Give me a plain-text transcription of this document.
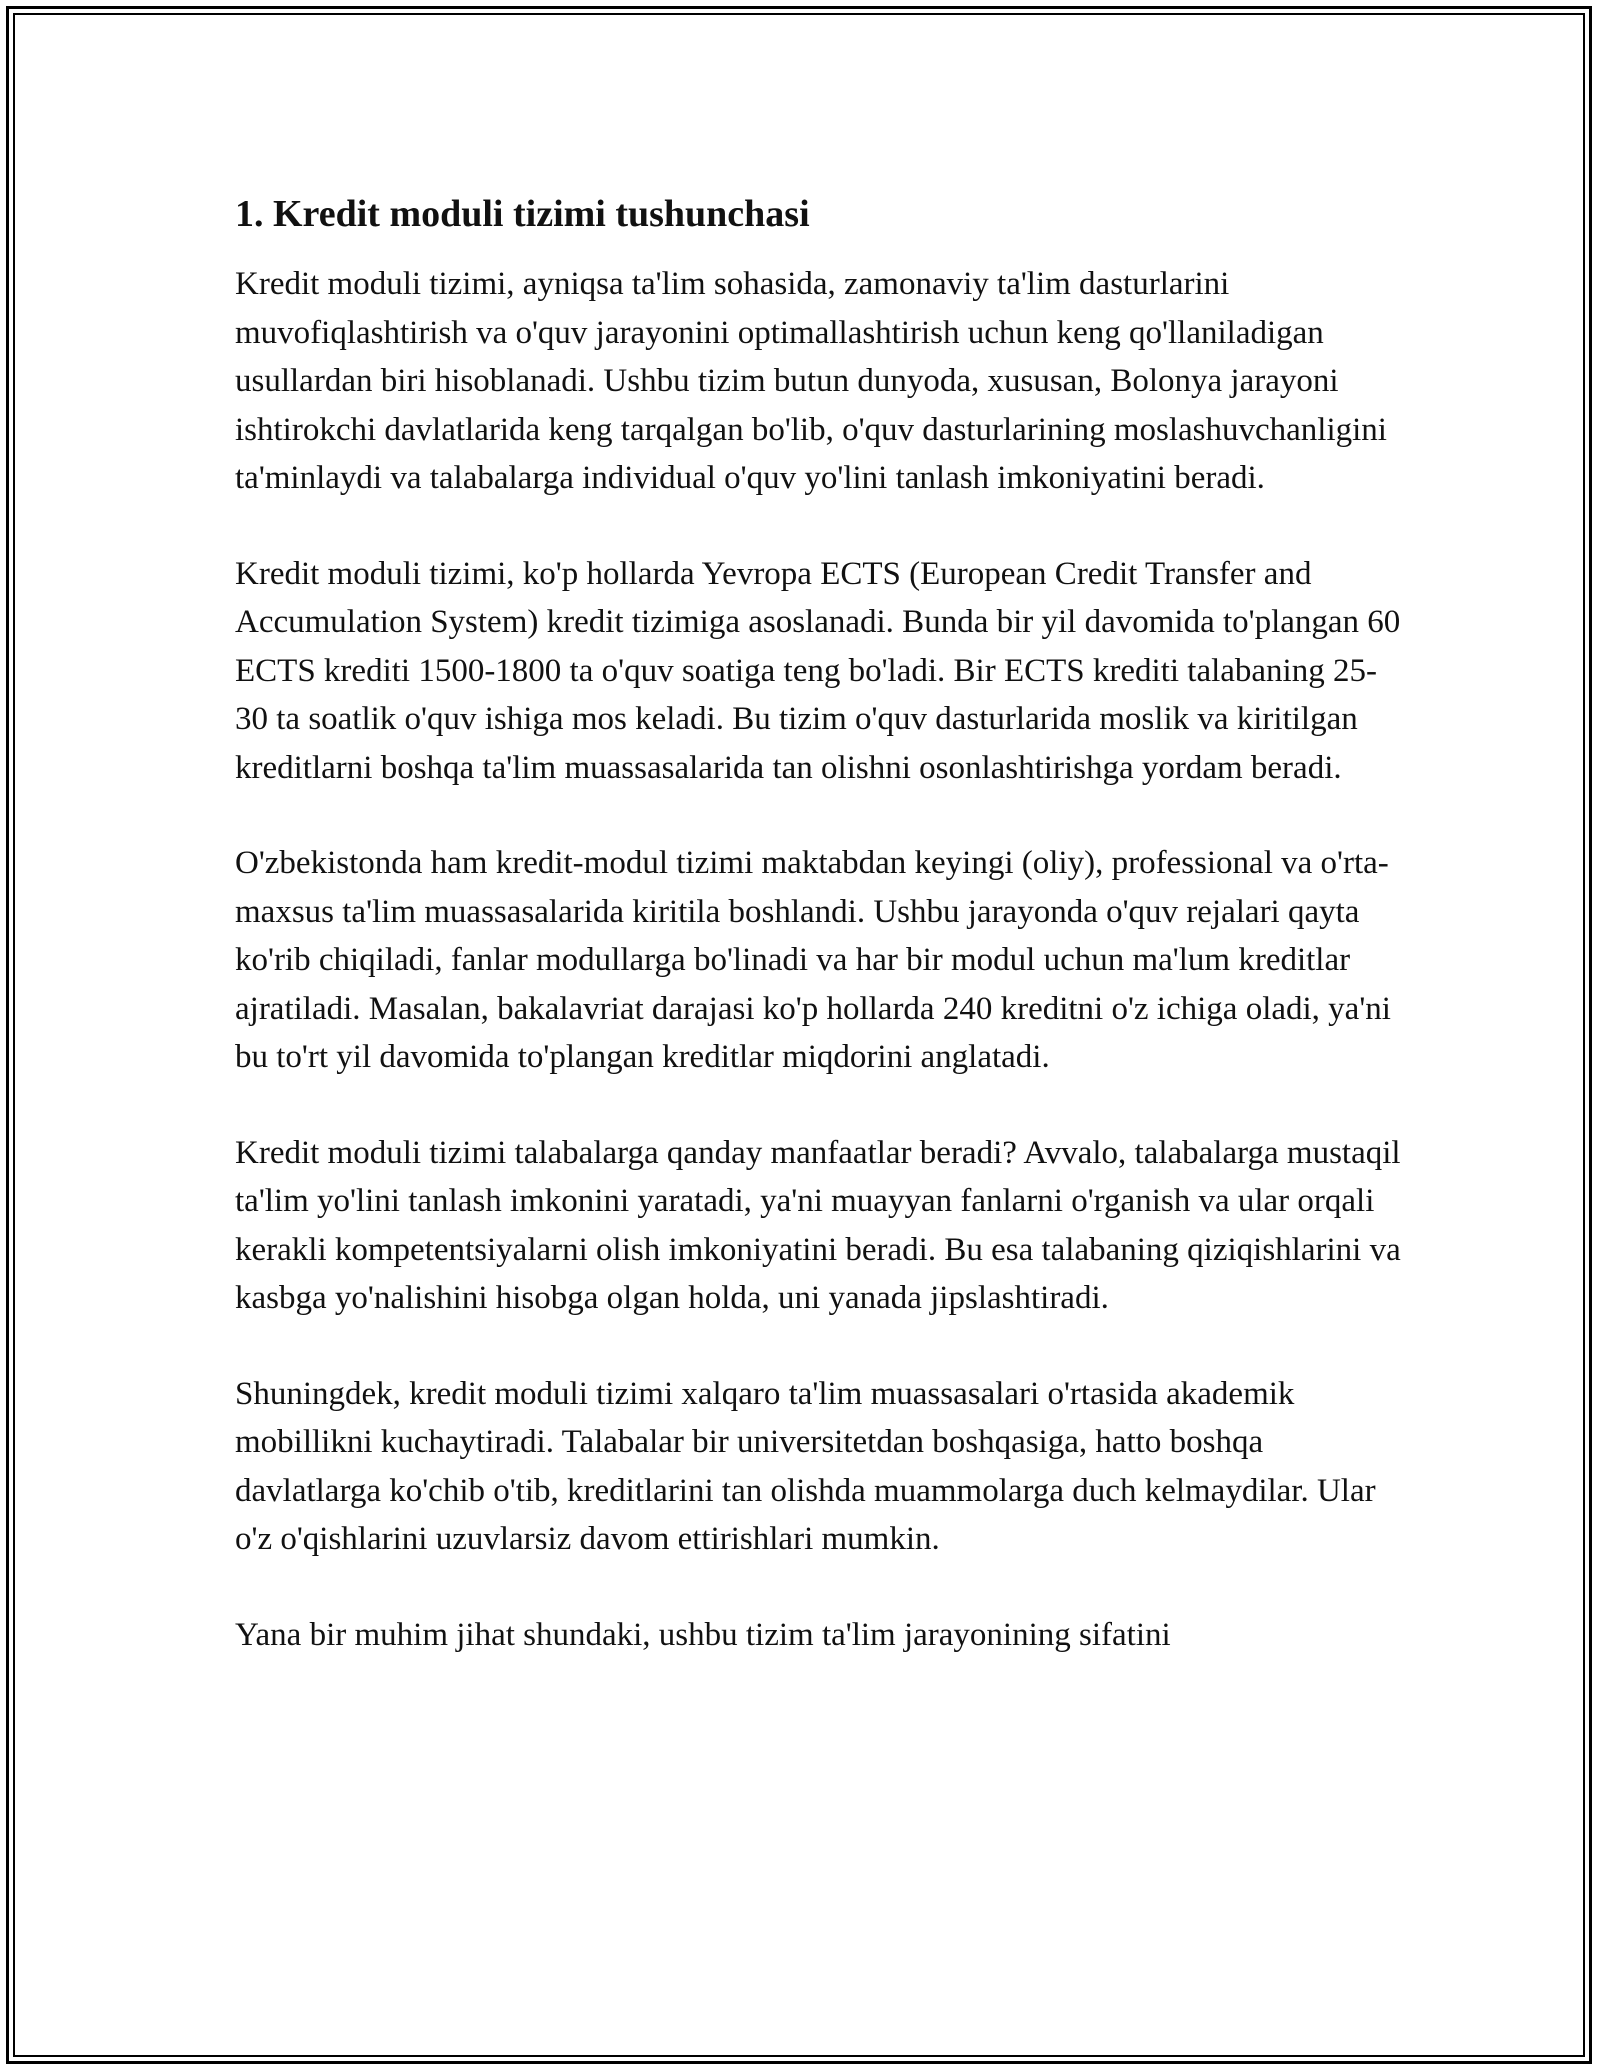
1. Kredit moduli tizimi tushunchasi

Kredit moduli tizimi, ayniqsa ta'lim sohasida, zamonaviy ta'lim dasturlarini muvofiqlashtirish va o'quv jarayonini optimallashtirish uchun keng qo'llaniladigan usullardan biri hisoblanadi. Ushbu tizim butun dunyoda, xususan, Bolonya jarayoni ishtirokchi davlatlarida keng tarqalgan bo'lib, o'quv dasturlarining moslashuvchanligini ta'minlaydi va talabalarga individual o'quv yo'lini tanlash imkoniyatini beradi.

Kredit moduli tizimi, ko'p hollarda Yevropa ECTS (European Credit Transfer and Accumulation System) kredit tizimiga asoslanadi. Bunda bir yil davomida to'plangan 60 ECTS krediti 1500-1800 ta o'quv soatiga teng bo'ladi. Bir ECTS krediti talabaning 25-30 ta soatlik o'quv ishiga mos keladi. Bu tizim o'quv dasturlarida moslik va kiritilgan kreditlarni boshqa ta'lim muassasalarida tan olishni osonlashtirishga yordam beradi.

O'zbekistonda ham kredit-modul tizimi maktabdan keyingi (oliy), professional va o'rta-maxsus ta'lim muassasalarida kiritila boshlandi. Ushbu jarayonda o'quv rejalari qayta ko'rib chiqiladi, fanlar modullarga bo'linadi va har bir modul uchun ma'lum kreditlar ajratiladi. Masalan, bakalavriat darajasi ko'p hollarda 240 kreditni o'z ichiga oladi, ya'ni bu to'rt yil davomida to'plangan kreditlar miqdorini anglatadi.

Kredit moduli tizimi talabalarga qanday manfaatlar beradi? Avvalo, talabalarga mustaqil ta'lim yo'lini tanlash imkonini yaratadi, ya'ni muayyan fanlarni o'rganish va ular orqali kerakli kompetentsiyalarni olish imkoniyatini beradi. Bu esa talabaning qiziqishlarini va kasbga yo'nalishini hisobga olgan holda, uni yanada jipslashtiradi.

Shuningdek, kredit moduli tizimi xalqaro ta'lim muassasalari o'rtasida akademik mobillikni kuchaytiradi. Talabalar bir universitetdan boshqasiga, hatto boshqa davlatlarga ko'chib o'tib, kreditlarini tan olishda muammolarga duch kelmaydilar. Ular o'z o'qishlarini uzuvlarsiz davom ettirishlari mumkin.

Yana bir muhim jihat shundaki, ushbu tizim ta'lim jarayonining sifatini
